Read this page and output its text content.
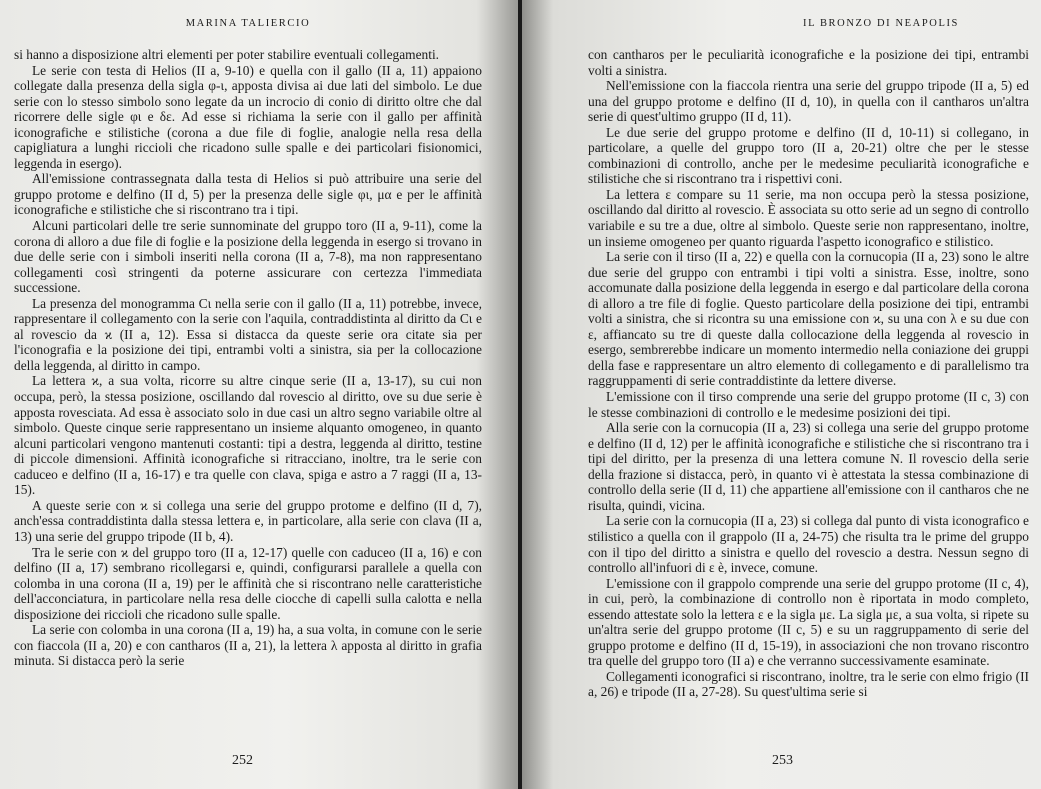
MARINA TALIERCIO

si hanno a disposizione altri elementi per poter stabilire eventuali collegamenti.

Le serie con testa di Helios (II a, 9-10) e quella con il gallo (II a, 11) appaiono collegate dalla presenza della sigla φ-ι, apposta divisa ai due lati del simbolo. Le due serie con lo stesso simbolo sono legate da un incrocio di conio di diritto oltre che dal ricorrere delle sigle φι e δε. Ad esse si richiama la serie con il gallo per affinità iconografiche e stilistiche (corona a due file di foglie, analogie nella resa della capigliatura a lunghi riccioli che ricadono sulle spalle e dei particolari fisionomici, leggenda in esergo).

All'emissione contrassegnata dalla testa di Helios si può attribuire una serie del gruppo protome e delfino (II d, 5) per la presenza delle sigle φι, μα e per le affinità iconografiche e stilistiche che si riscontrano tra i tipi.

Alcuni particolari delle tre serie sunnominate del gruppo toro (II a, 9-11), come la corona di alloro a due file di foglie e la posizione della leggenda in esergo si trovano in due delle serie con i simboli inseriti nella corona (II a, 7-8), ma non rappresentano collegamenti così stringenti da poterne assicurare con certezza l'immediata successione.

La presenza del monogramma Ϲι nella serie con il gallo (II a, 11) potrebbe, invece, rappresentare il collegamento con la serie con l'aquila, contraddistinta al diritto da Ϲι e al rovescio da ϰ (II a, 12). Essa si distacca da queste serie ora citate sia per l'iconografia e la posizione dei tipi, entrambi volti a sinistra, sia per la collocazione della leggenda, al diritto in campo.

La lettera ϰ, a sua volta, ricorre su altre cinque serie (II a, 13-17), su cui non occupa, però, la stessa posizione, oscillando dal rovescio al diritto, ove su due serie è apposta rovesciata. Ad essa è associato solo in due casi un altro segno variabile oltre al simbolo. Queste cinque serie rappresentano un insieme alquanto omogeneo, in quanto alcuni particolari vengono mantenuti costanti: tipi a destra, leggenda al diritto, testine di piccole dimensioni. Affinità iconografiche si ritracciano, inoltre, tra le serie con caduceo e delfino (II a, 16-17) e tra quelle con clava, spiga e astro a 7 raggi (II a, 13-15).

A queste serie con ϰ si collega una serie del gruppo protome e delfino (II d, 7), anch'essa contraddistinta dalla stessa lettera e, in particolare, alla serie con clava (II a, 13) una serie del gruppo tripode (II b, 4).

Tra le serie con ϰ del gruppo toro (II a, 12-17) quelle con caduceo (II a, 16) e con delfino (II a, 17) sembrano ricollegarsi e, quindi, configurarsi parallele a quella con colomba in una corona (II a, 19) per le affinità che si riscontrano nelle caratteristiche dell'acconciatura, in particolare nella resa delle ciocche di capelli sulla calotta e nella disposizione dei riccioli che ricadono sulle spalle.

La serie con colomba in una corona (II a, 19) ha, a sua volta, in comune con le serie con fiaccola (II a, 20) e con cantharos (II a, 21), la lettera λ apposta al diritto in grafia minuta. Si distacca però la serie

252
IL BRONZO DI NEAPOLIS

con cantharos per le peculiarità iconografiche e la posizione dei tipi, entrambi volti a sinistra.

Nell'emissione con la fiaccola rientra una serie del gruppo tripode (II a, 5) ed una del gruppo protome e delfino (II d, 10), in quella con il cantharos un'altra serie di quest'ultimo gruppo (II d, 11).

Le due serie del gruppo protome e delfino (II d, 10-11) si collegano, in particolare, a quelle del gruppo toro (II a, 20-21) oltre che per le stesse combinazioni di controllo, anche per le medesime peculiarità iconografiche e stilistiche che si riscontrano tra i rispettivi coni.

La lettera ε compare su 11 serie, ma non occupa però la stessa posizione, oscillando dal diritto al rovescio. È associata su otto serie ad un segno di controllo variabile e su tre a due, oltre al simbolo. Queste serie non rappresentano, inoltre, un insieme omogeneo per quanto riguarda l'aspetto iconografico e stilistico.

La serie con il tirso (II a, 22) e quella con la cornucopia (II a, 23) sono le altre due serie del gruppo con entrambi i tipi volti a sinistra. Esse, inoltre, sono accomunate dalla posizione della leggenda in esergo e dal particolare della corona di alloro a tre file di foglie. Questo particolare della posizione dei tipi, entrambi volti a sinistra, che si ricontra su una emissione con ϰ, su una con λ e su due con ε, affiancato su tre di queste dalla collocazione della leggenda al rovescio in esergo, sembrerebbe indicare un momento intermedio nella coniazione dei gruppi della fase e rappresentare un altro elemento di collegamento e di parallelismo tra raggruppamenti di serie contraddistinte da lettere diverse.

L'emissione con il tirso comprende una serie del gruppo protome (II c, 3) con le stesse combinazioni di controllo e le medesime posizioni dei tipi.

Alla serie con la cornucopia (II a, 23) si collega una serie del gruppo protome e delfino (II d, 12) per le affinità iconografiche e stilistiche che si riscontrano tra i tipi del diritto, per la presenza di una lettera comune N. Il rovescio della serie della frazione si distacca, però, in quanto vi è attestata la stessa combinazione di controllo della serie (II d, 11) che appartiene all'emissione con il cantharos che ne risulta, quindi, vicina.

La serie con la cornucopia (II a, 23) si collega dal punto di vista iconografico e stilistico a quella con il grappolo (II a, 24-75) che risulta tra le prime del gruppo con il tipo del diritto a sinistra e quello del rovescio a destra. Nessun segno di controllo all'infuori di ε è, invece, comune.

L'emissione con il grappolo comprende una serie del gruppo protome (II c, 4), in cui, però, la combinazione di controllo non è riportata in modo completo, essendo attestate solo la lettera ε e la sigla με. La sigla με, a sua volta, si ripete su un'altra serie del gruppo protome (II c, 5) e su un raggruppamento di serie del gruppo protome e delfino (II d, 15-19), in associazioni che non trovano riscontro tra quelle del gruppo toro (II a) e che verranno successivamente esaminate.

Collegamenti iconografici si riscontrano, inoltre, tra le serie con elmo frigio (II a, 26) e tripode (II a, 27-28). Su quest'ultima serie si

253
